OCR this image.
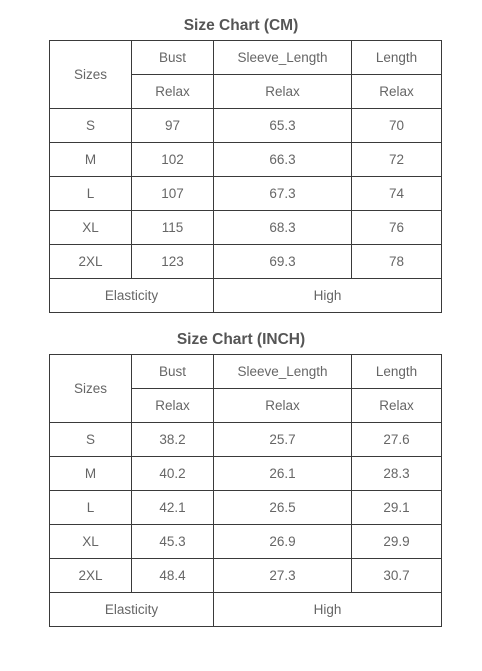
Size Chart (CM)
Sizes	Bust	Sleeve_Length	Length
	Relax	Relax	Relax
S	97	65.3	70
M	102	66.3	72
L	107	67.3	74
XL	115	68.3	76
2XL	123	69.3	78
Elasticity		High	
Size Chart (INCH)
Sizes	Bust	Sleeve_Length	Length
	Relax	Relax	Relax
S	38.2	25.7	27.6
M	40.2	26.1	28.3
L	42.1	26.5	29.1
XL	45.3	26.9	29.9
2XL	48.4	27.3	30.7
Elasticity		High	
